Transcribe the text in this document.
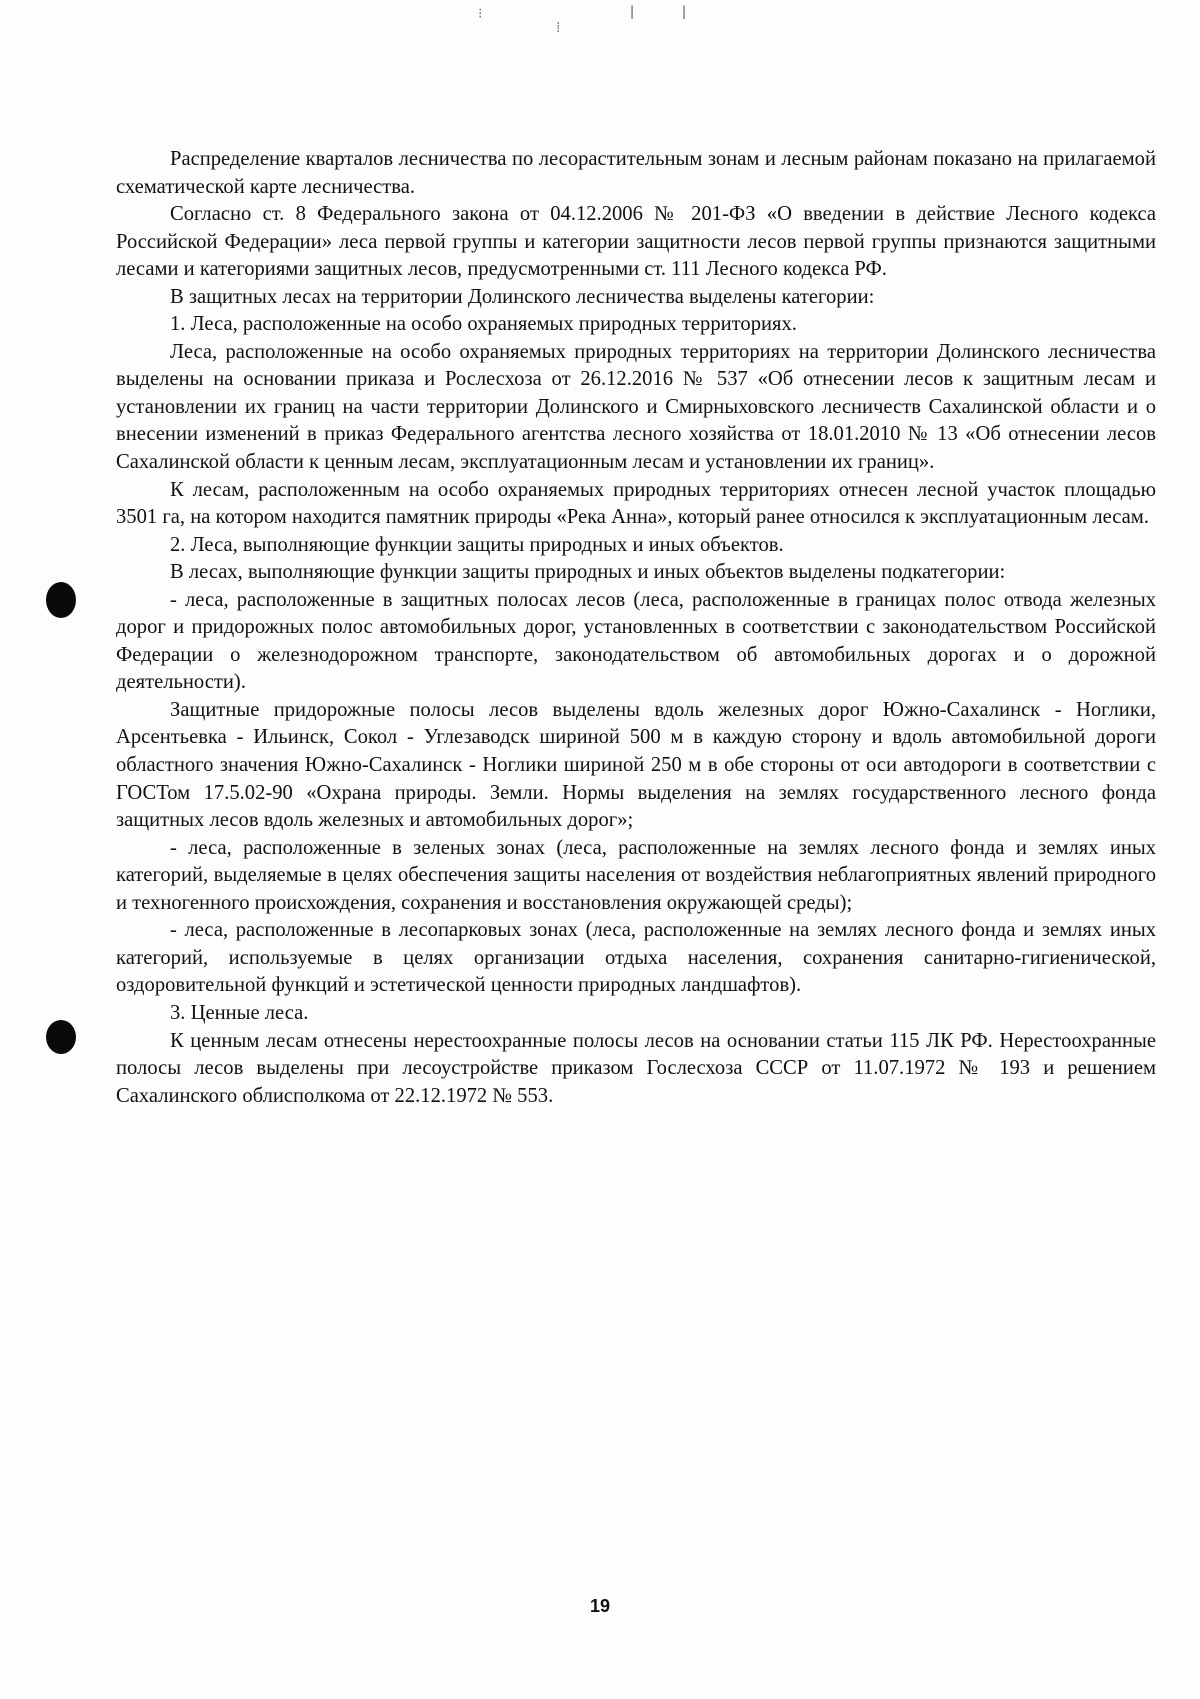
⁝
⁞
ǀ	ǀ

Распределение кварталов лесничества по лесорастительным зонам и лесным районам показано на прилагаемой схематической карте лесничества.

Согласно ст. 8 Федерального закона от 04.12.2006 № 201-ФЗ «О введении в действие Лесного кодекса Российской Федерации» леса первой группы и категории защитности лесов первой группы признаются защитными лесами и категориями защитных лесов, предусмотренными ст. 111 Лесного кодекса РФ.

В защитных лесах на территории Долинского лесничества выделены категории:

1. Леса, расположенные на особо охраняемых природных территориях.

Леса, расположенные на особо охраняемых природных территориях на территории Долинского лесничества выделены на основании приказа и Рослесхоза от 26.12.2016 № 537 «Об отнесении лесов к защитным лесам и установлении их границ на части территории Долинского и Смирныховского лесничеств Сахалинской области и о внесении изменений в приказ Федерального агентства лесного хозяйства от 18.01.2010 № 13 «Об отнесении лесов Сахалинской области к ценным лесам, эксплуатационным лесам и установлении их границ».

К лесам, расположенным на особо охраняемых природных территориях отнесен лесной участок площадью 3501 га, на котором находится памятник природы «Река Анна», который ранее относился к эксплуатационным лесам.

2. Леса, выполняющие функции защиты природных и иных объектов.

В лесах, выполняющие функции защиты природных и иных объектов выделены подкатегории:

- леса, расположенные в защитных полосах лесов (леса, расположенные в границах полос отвода железных дорог и придорожных полос автомобильных дорог, установленных в соответствии с законодательством Российской Федерации о железнодорожном транспорте, законодательством об автомобильных дорогах и о дорожной деятельности).

Защитные придорожные полосы лесов выделены вдоль железных дорог Южно-Сахалинск - Ноглики, Арсентьевка - Ильинск, Сокол - Углезаводск шириной 500 м в каждую сторону и вдоль автомобильной дороги областного значения Южно-Сахалинск - Ноглики шириной 250 м в обе стороны от оси автодороги в соответствии с ГОСТом 17.5.02-90 «Охрана природы. Земли. Нормы выделения на землях государственного лесного фонда защитных лесов вдоль железных и автомобильных дорог»;

- леса, расположенные в зеленых зонах (леса, расположенные на землях лесного фонда и землях иных категорий, выделяемые в целях обеспечения защиты населения от воздействия неблагоприятных явлений природного и техногенного происхождения, сохранения и восстановления окружающей среды);

- леса, расположенные в лесопарковых зонах (леса, расположенные на землях лесного фонда и землях иных категорий, используемые в целях организации отдыха населения, сохранения санитарно-гигиенической, оздоровительной функций и эстетической ценности природных ландшафтов).

3. Ценные леса.

К ценным лесам отнесены нерестоохранные полосы лесов на основании статьи 115 ЛК РФ. Нерестоохранные полосы лесов выделены при лесоустройстве приказом Гослесхоза СССР от 11.07.1972 № 193 и решением Сахалинского облисполкома от 22.12.1972 № 553.

19
